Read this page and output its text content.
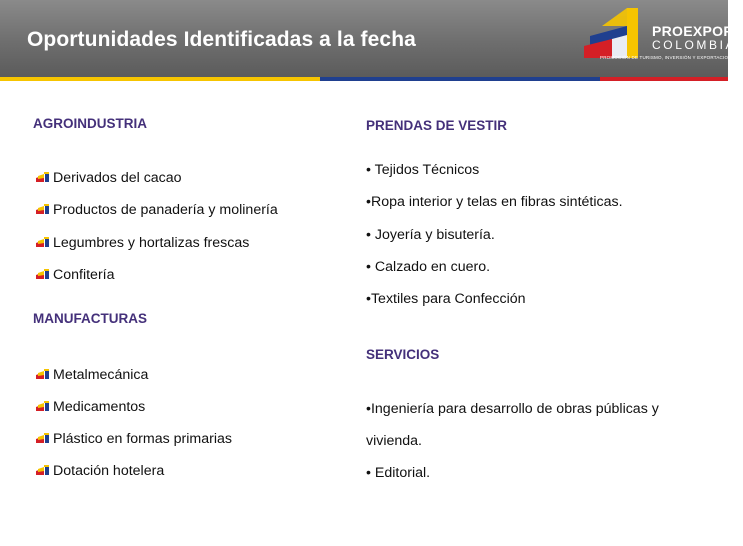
Oportunidades Identificadas a la fecha	PROEXPORT
COLOMBIA
PROMOCIÓN DE TURISMO, INVERSIÓN Y EXPORTACIONES
AGROINDUSTRIA
Derivados del cacao
Productos de panadería y molinería
Legumbres y hortalizas frescas
Confitería
MANUFACTURAS
Metalmecánica
Medicamentos
Plástico en formas primarias
Dotación hotelera
PRENDAS DE VESTIR
• Tejidos Técnicos
•Ropa interior y telas en fibras sintéticas.
• Joyería y bisutería.
• Calzado en cuero.
•Textiles para Confección
SERVICIOS
•Ingeniería para desarrollo de obras públicas y
vivienda.
• Editorial.
